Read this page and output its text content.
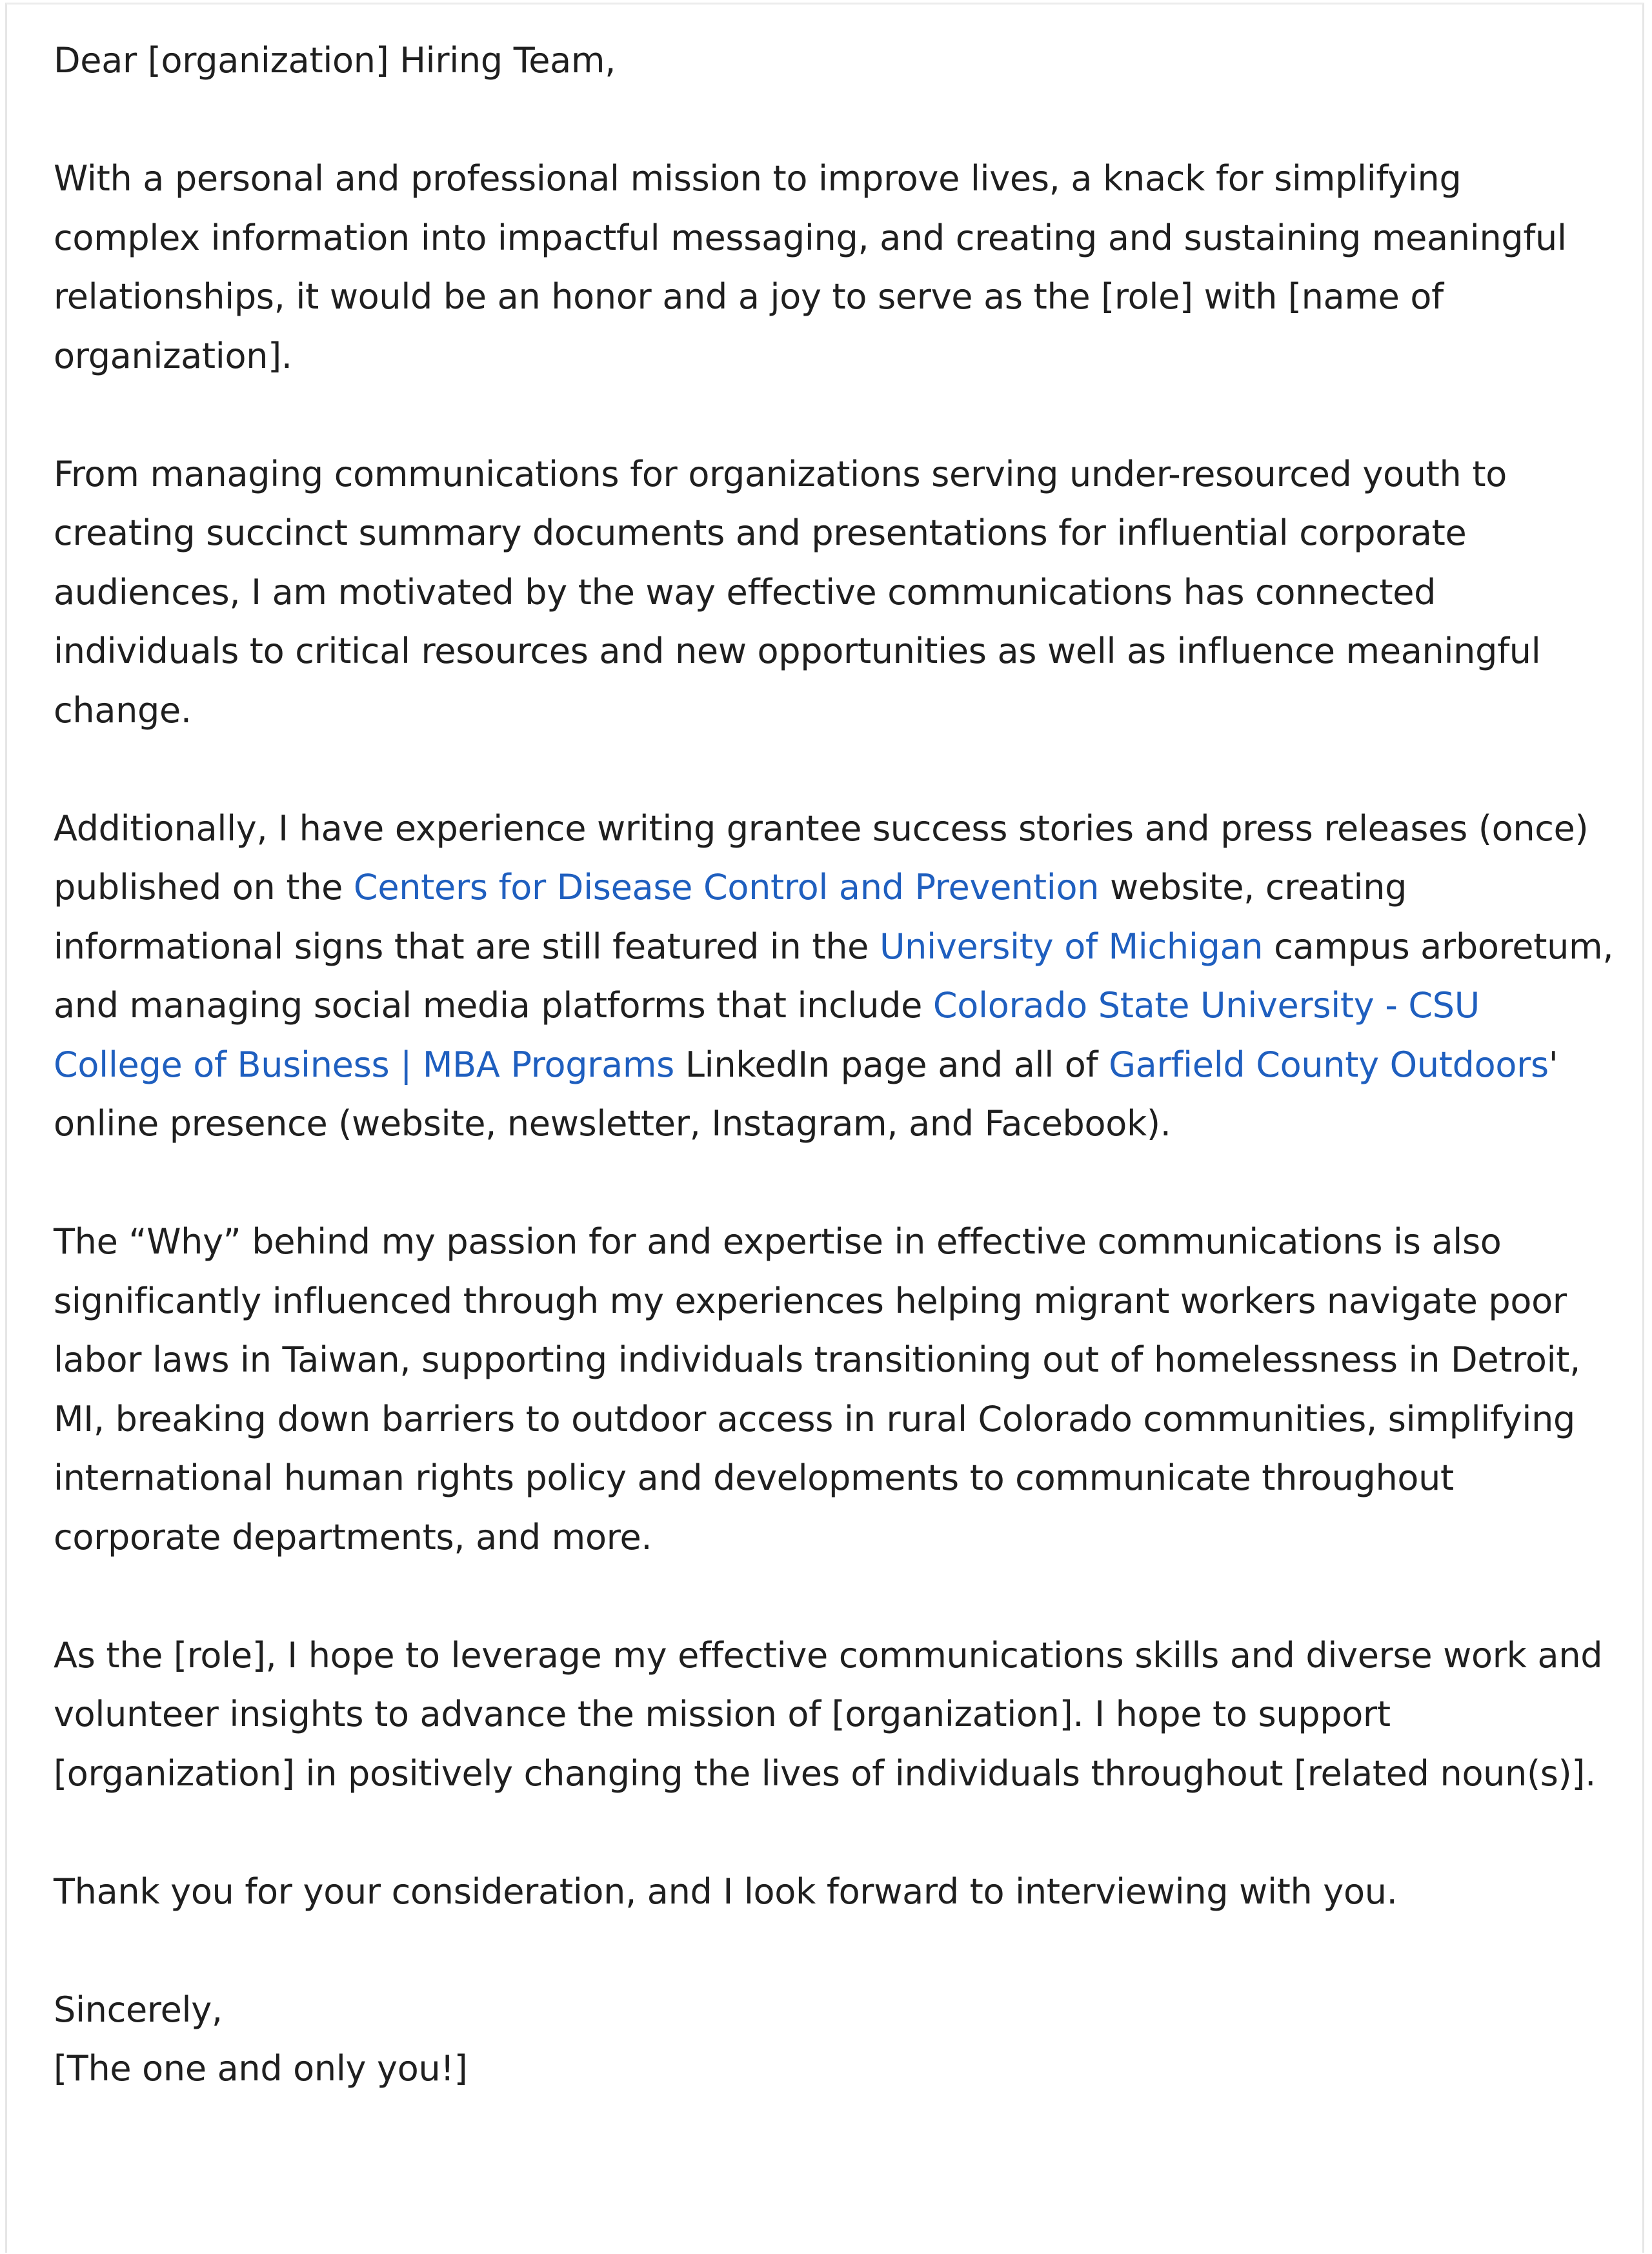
Dear [organization] Hiring Team,

With a personal and professional mission to improve lives, a knack for simplifying complex information into impactful messaging, and creating and sustaining meaningful relationships, it would be an honor and a joy to serve as the [role] with [name of organization].

From managing communications for organizations serving under-resourced youth to creating succinct summary documents and presentations for influential corporate audiences, I am motivated by the way effective communications has connected individuals to critical resources and new opportunities as well as influence meaningful change.

Additionally, I have experience writing grantee success stories and press releases (once) published on the Centers for Disease Control and Prevention website, creating informational signs that are still featured in the University of Michigan campus arboretum, and managing social media platforms that include Colorado State University - CSU College of Business | MBA Programs LinkedIn page and all of Garfield County Outdoors' online presence (website, newsletter, Instagram, and Facebook).

The “Why” behind my passion for and expertise in effective communications is also significantly influenced through my experiences helping migrant workers navigate poor labor laws in Taiwan, supporting individuals transitioning out of homelessness in Detroit, MI, breaking down barriers to outdoor access in rural Colorado communities, simplifying international human rights policy and developments to communicate throughout corporate departments, and more.

As the [role], I hope to leverage my effective communications skills and diverse work and volunteer insights to advance the mission of [organization]. I hope to support [organization] in positively changing the lives of individuals throughout [related noun(s)].

Thank you for your consideration, and I look forward to interviewing with you.

Sincerely,

[The one and only you!]
